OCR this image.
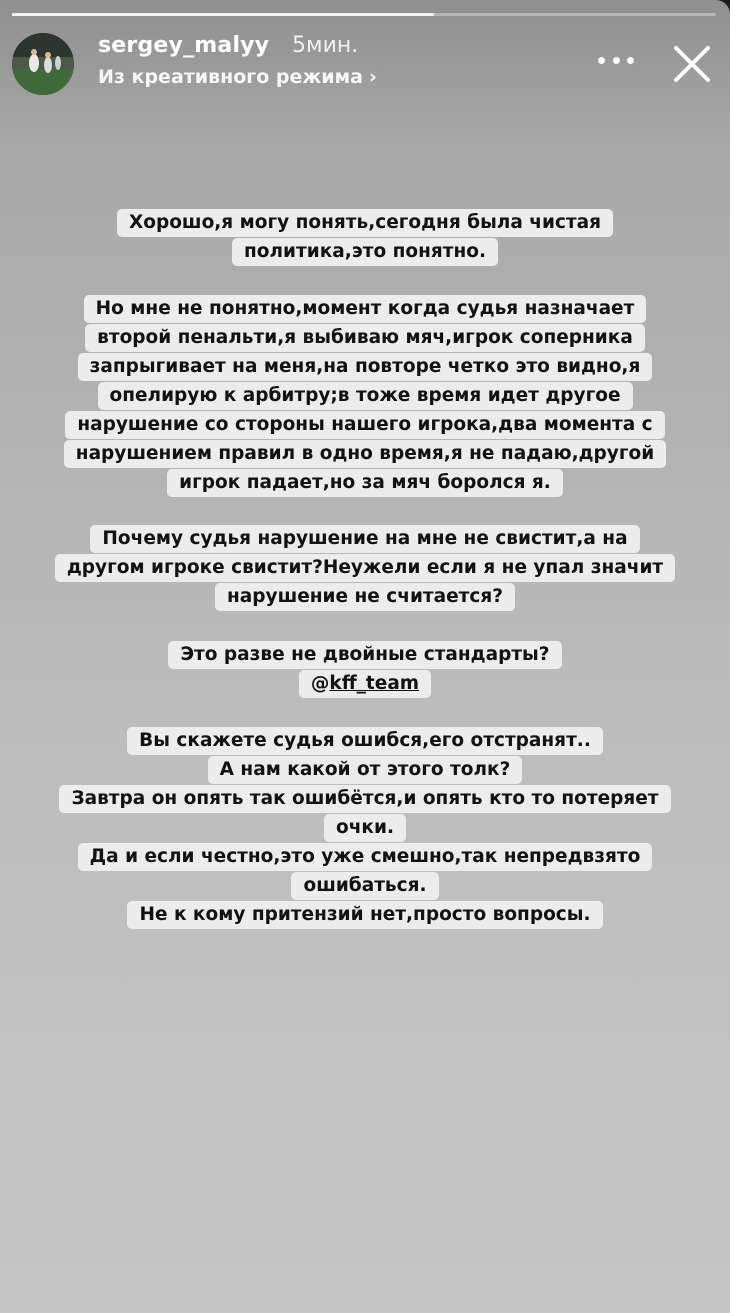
sergey_malyy 5мин.
Из креативного режима ›
Хорошо,я могу понять,сегодня была чистая
политика,это понятно.
Но мне не понятно,момент когда судья назначает
второй пенальти,я выбиваю мяч,игрок соперника
запрыгивает на меня,на повторе четко это видно,я
опелирую к арбитру;в тоже время идет другое
нарушение со стороны нашего игрока,два момента с
нарушением правил в одно время,я не падаю,другой
игрок падает,но за мяч боролся я.
Почему судья нарушение на мне не свистит,а на
другом игроке свистит?Неужели если я не упал значит
нарушение не считается?
Это разве не двойные стандарты?
@kff_team
Вы скажете судья ошибся,его отстранят..
А нам какой от этого толк?
Завтра он опять так ошибётся,и опять кто то потеряет
очки.
Да и если честно,это уже смешно,так непредвзято
ошибаться.
Не к кому притензий нет,просто вопросы.
